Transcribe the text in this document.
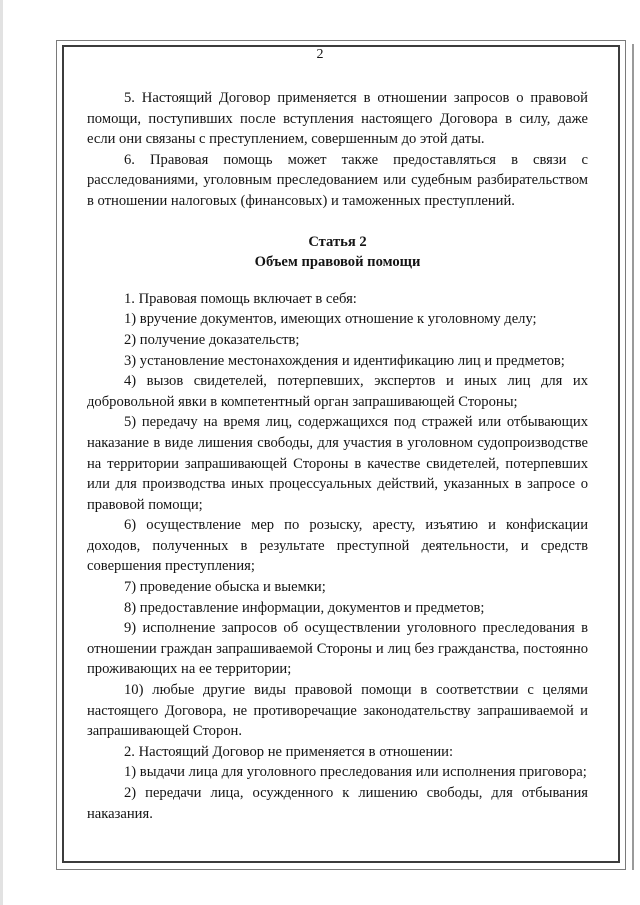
2

5. Настоящий Договор применяется в отношении запросов о правовой помощи, поступивших после вступления настоящего Договора в силу, даже если они связаны с преступлением, совершенным до этой даты.

6. Правовая помощь может также предоставляться в связи с расследованиями, уголовным преследованием или судебным разбирательством в отношении налоговых (финансовых) и таможенных преступлений.

Статья 2

Объем правовой помощи

1. Правовая помощь включает в себя:

1) вручение документов, имеющих отношение к уголовному делу;

2) получение доказательств;

3) установление местонахождения и идентификацию лиц и предметов;

4) вызов свидетелей, потерпевших, экспертов и иных лиц для их добровольной явки в компетентный орган запрашивающей Стороны;

5) передачу на время лиц, содержащихся под стражей или отбывающих наказание в виде лишения свободы, для участия в уголовном судопроизводстве на территории запрашивающей Стороны в качестве свидетелей, потерпевших или для производства иных процессуальных действий, указанных в запросе о правовой помощи;

6) осуществление мер по розыску, аресту, изъятию и конфискации доходов, полученных в результате преступной деятельности, и средств совершения преступления;

7) проведение обыска и выемки;

8) предоставление информации, документов и предметов;

9) исполнение запросов об осуществлении уголовного преследования в отношении граждан запрашиваемой Стороны и лиц без гражданства, постоянно проживающих на ее территории;

10) любые другие виды правовой помощи в соответствии с целями настоящего Договора, не противоречащие законодательству запрашиваемой и запрашивающей Сторон.

2. Настоящий Договор не применяется в отношении:

1) выдачи лица для уголовного преследования или исполнения приговора;

2) передачи лица, осужденного к лишению свободы, для отбывания наказания.
